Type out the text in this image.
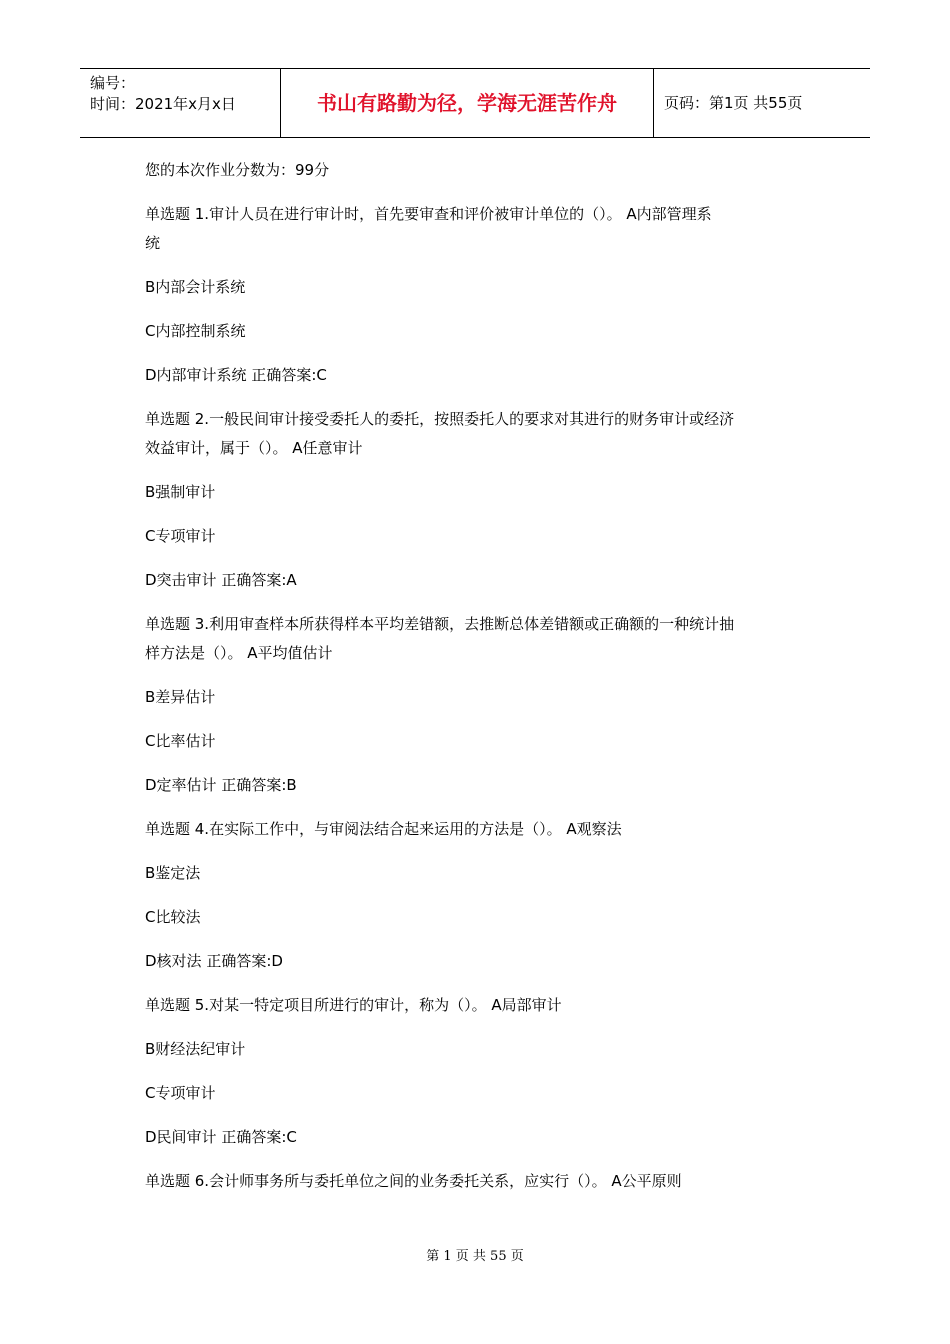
编号：
时间：2021年x月x日	书山有路勤为径，学海无涯苦作舟	页码：第1页 共55页
您的本次作业分数为：99分
单选题 1.审计人员在进行审计时，首先要审查和评价被审计单位的（）。 A内部管理系
统
B内部会计系统
C内部控制系统
D内部审计系统 正确答案:C
单选题 2.一般民间审计接受委托人的委托，按照委托人的要求对其进行的财务审计或经济
效益审计，属于（）。 A任意审计
B强制审计
C专项审计
D突击审计 正确答案:A
单选题 3.利用审查样本所获得样本平均差错额，去推断总体差错额或正确额的一种统计抽
样方法是（）。 A平均值估计
B差异估计
C比率估计
D定率估计 正确答案:B
单选题 4.在实际工作中，与审阅法结合起来运用的方法是（）。 A观察法
B鉴定法
C比较法
D核对法 正确答案:D
单选题 5.对某一特定项目所进行的审计，称为（）。 A局部审计
B财经法纪审计
C专项审计
D民间审计 正确答案:C
单选题 6.会计师事务所与委托单位之间的业务委托关系，应实行（）。 A公平原则
第 1 页 共 55 页
